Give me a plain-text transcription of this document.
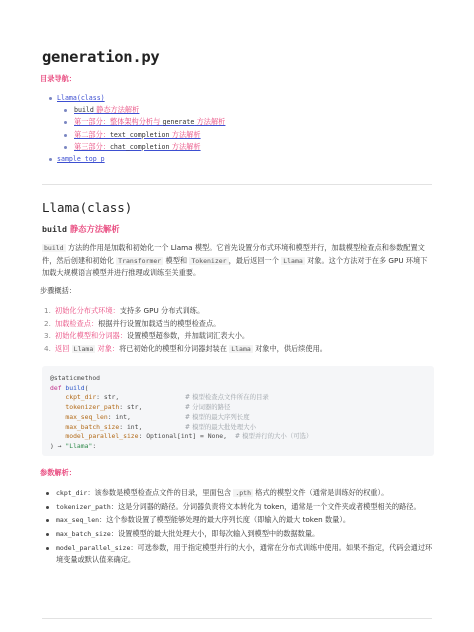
generation.py
目录导航：
Llama(class)
build 静态方法解析
第一部分：整体架构分析与 generate 方法解析
第二部分：text_completion 方法解析
第三部分：chat_completion 方法解析
sample_top_p
Llama(class)
build 静态方法解析
build 方法的作用是加载和初始化一个 Llama 模型。它首先设置分布式环境和模型并行，加载模型检查点和参数配置文件，然后创建和初始化 Transformer 模型和 Tokenizer ，最后返回一个 Llama 对象。这个方法对于在多 GPU 环境下加载大规模语言模型并进行推理或训练至关重要。
步骤概括：
1. 初始化分布式环境：支持多 GPU 分布式训练。
2. 加载检查点：根据并行设置加载适当的模型检查点。
3. 初始化模型和分词器：设置模型超参数，并加载词汇表大小。
4. 返回 Llama 对象：将已初始化的模型和分词器封装在 Llama 对象中，供后续使用。
@staticmethod
def build(
ckpt_dir: str,	# 模型检查点文件所在的目录
tokenizer_path: str,	# 分词器的路径
max_seq_len: int,	# 模型的最大序列长度
max_batch_size: int,	# 模型的最大批处理大小
model_parallel_size: Optional[int] = None, # 模型并行的大小（可选）
) → "Llama":
参数解析：
ckpt_dir：该参数是模型检查点文件的目录，里面包含 .pth 格式的模型文件（通常是训练好的权重）。
tokenizer_path：这是分词器的路径。分词器负责将文本转化为 token，通常是一个文件夹或者模型相关的路径。
max_seq_len：这个参数设置了模型能够处理的最大序列长度（即输入的最大 token 数量）。
max_batch_size：设置模型的最大批处理大小，即每次输入到模型中的数据数量。
model_parallel_size：可选参数，用于指定模型并行的大小，通常在分布式训练中使用。如果不指定，代码会通过环境变量或默认值来确定。
